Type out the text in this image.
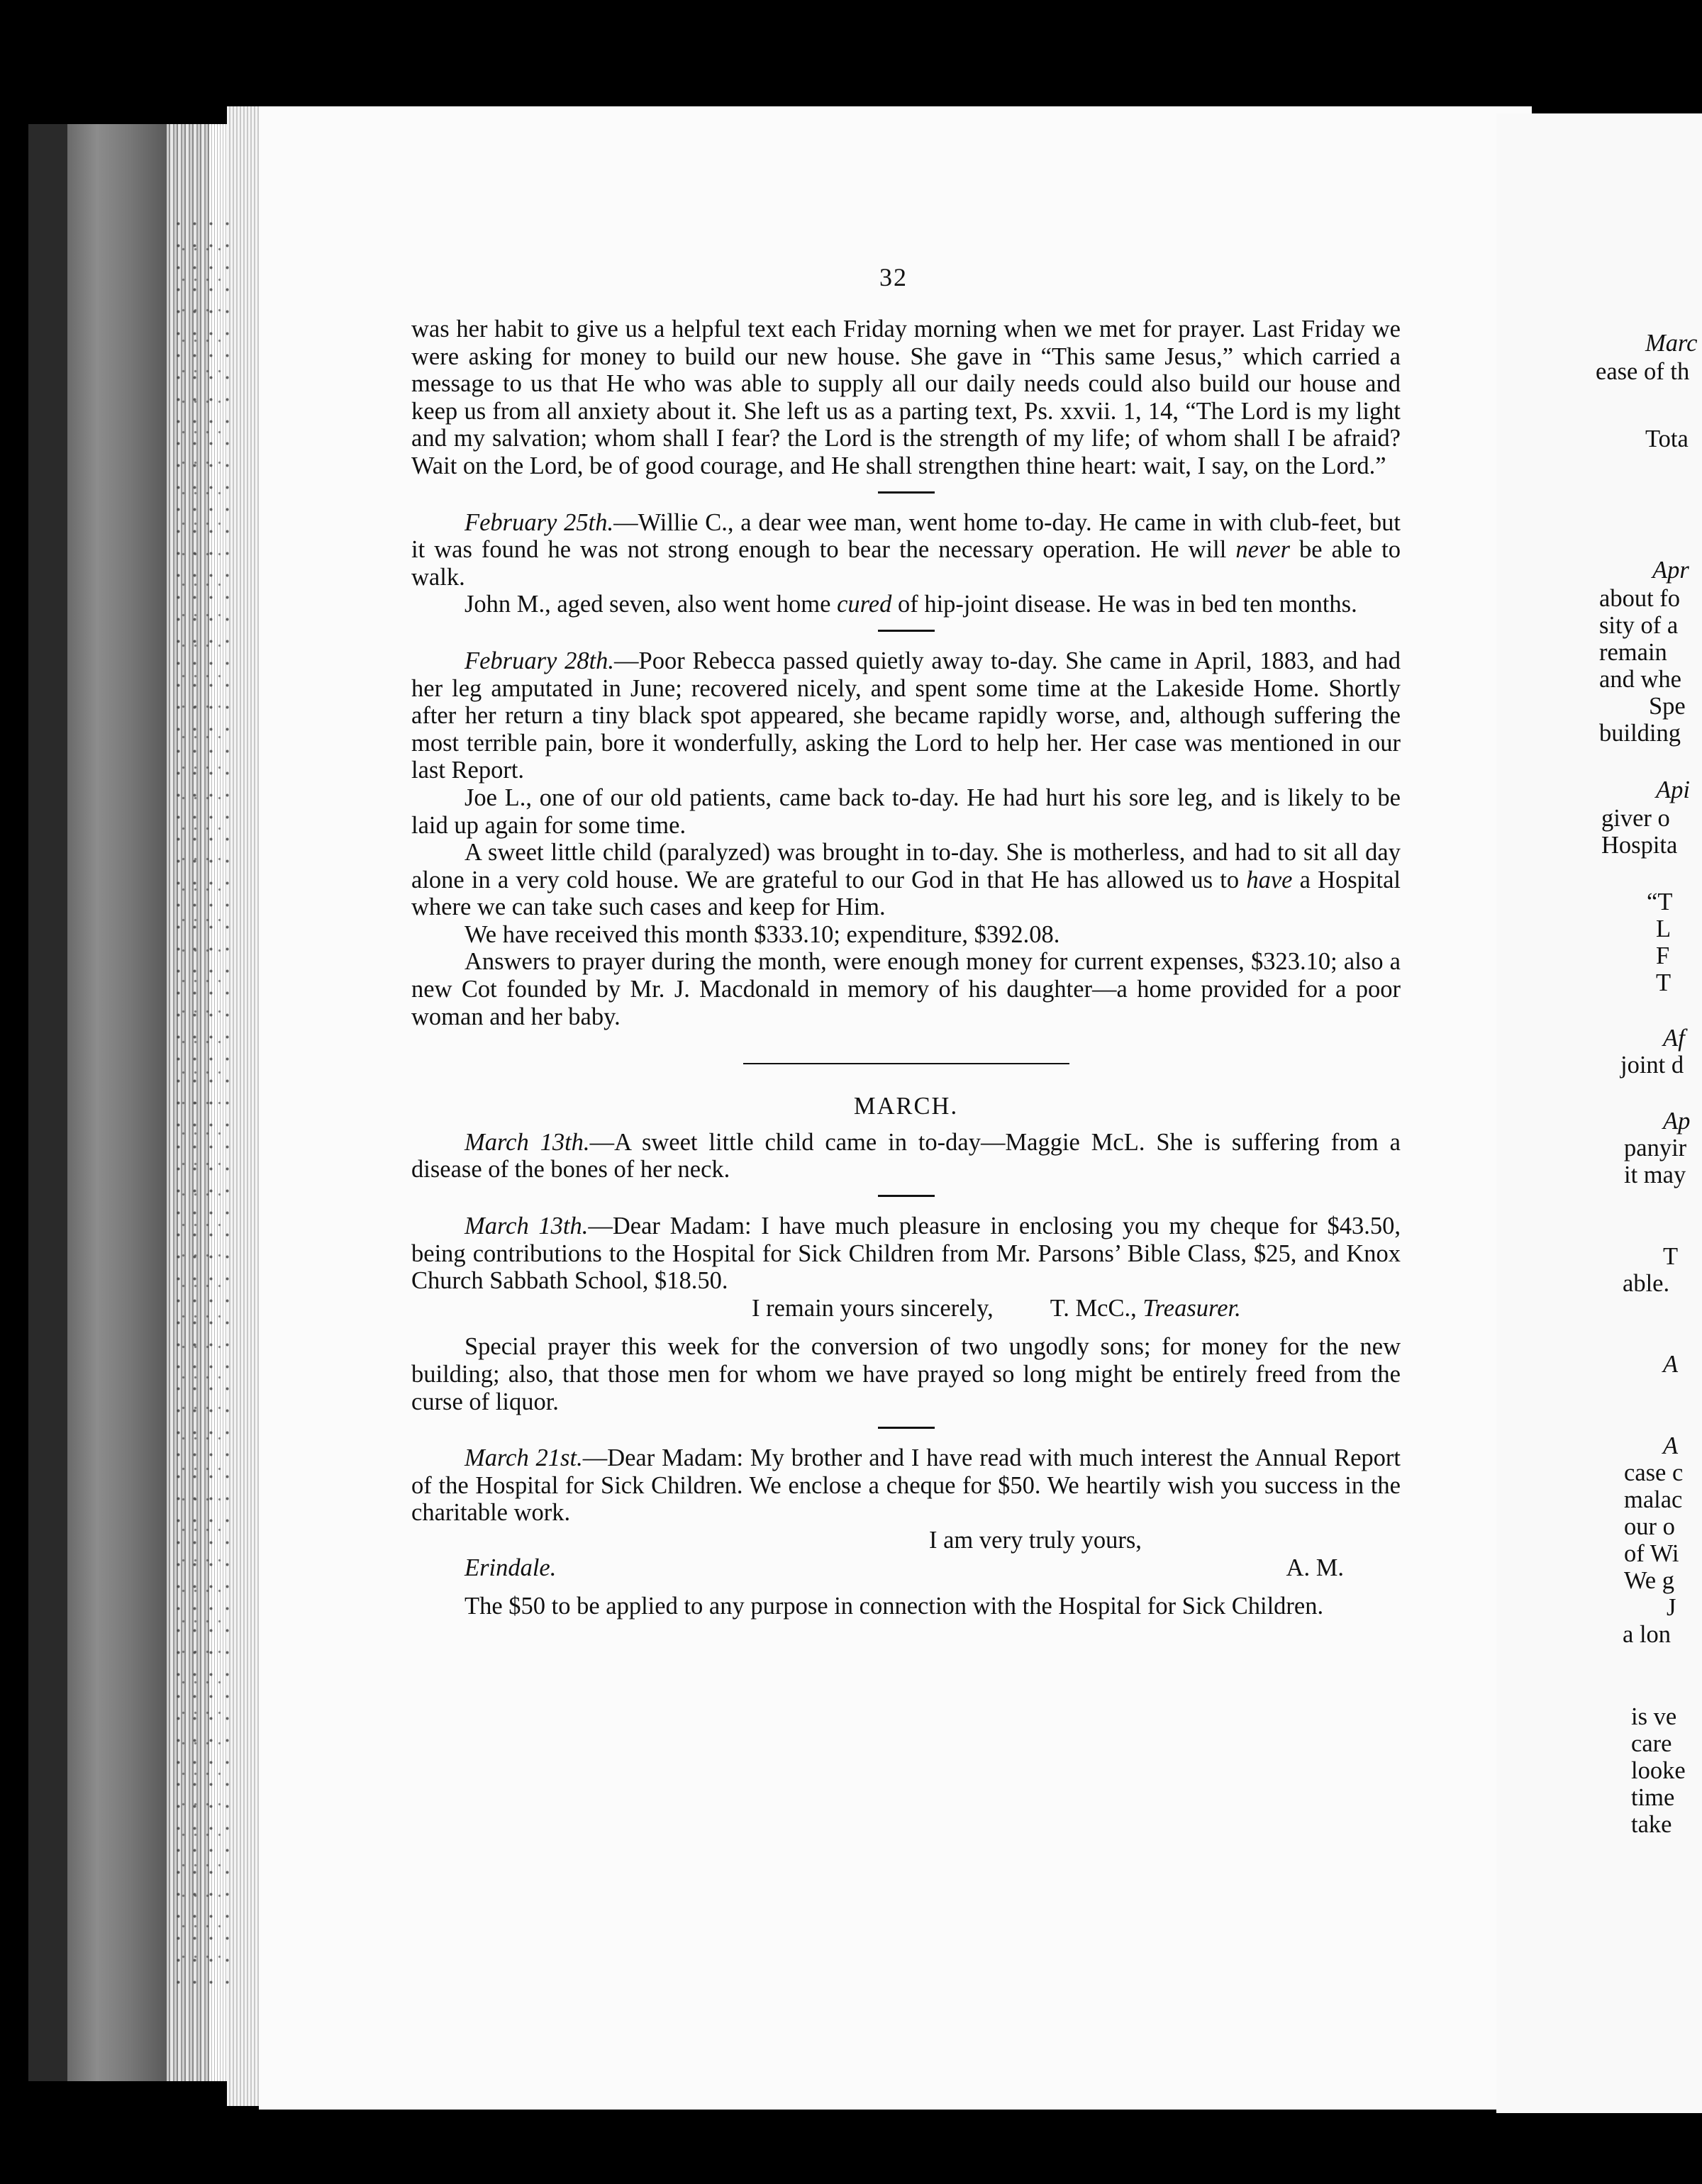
Marc
ease of th
Tota
Apr
about fo
sity of a
remain
and whe
Spe
building
Api
giver o
Hospita
“T
L
F
T
Af
joint d
Ap
panyir
it may
T
able.
A
A
case c
malac
our o
of Wi
We g
J
a lon
is ve
care
looke
time
take
32

was her habit to give us a helpful text each Friday morning when we met for prayer. Last Friday we were asking for money to build our new house. She gave in “This same Jesus,” which carried a message to us that He who was able to supply all our daily needs could also build our house and keep us from all anxiety about it. She left us as a parting text, Ps. xxvii. 1, 14, “The Lord is my light and my salvation; whom shall I fear? the Lord is the strength of my life; of whom shall I be afraid? Wait on the Lord, be of good courage, and He shall strengthen thine heart: wait, I say, on the Lord.”

February 25th.—Willie C., a dear wee man, went home to-day. He came in with club-feet, but it was found he was not strong enough to bear the necessary operation. He will never be able to walk.

John M., aged seven, also went home cured of hip-joint disease. He was in bed ten months.

February 28th.—Poor Rebecca passed quietly away to-day. She came in April, 1883, and had her leg amputated in June; recovered nicely, and spent some time at the Lakeside Home. Shortly after her return a tiny black spot appeared, she became rapidly worse, and, although suffering the most terrible pain, bore it wonderfully, asking the Lord to help her. Her case was mentioned in our last Report.

Joe L., one of our old patients, came back to-day. He had hurt his sore leg, and is likely to be laid up again for some time.

A sweet little child (paralyzed) was brought in to-day. She is motherless, and had to sit all day alone in a very cold house. We are grateful to our God in that He has allowed us to have a Hospital where we can take such cases and keep for Him.

We have received this month $333.10; expenditure, $392.08.

Answers to prayer during the month, were enough money for current expenses, $323.10; also a new Cot founded by Mr. J. Macdonald in memory of his daughter—a home provided for a poor woman and her baby.

MARCH.

March 13th.—A sweet little child came in to-day—Maggie McL. She is suffering from a disease of the bones of her neck.

March 13th.—Dear Madam: I have much pleasure in enclosing you my cheque for $43.50, being contributions to the Hospital for Sick Children from Mr. Parsons’ Bible Class, $25, and Knox Church Sabbath School, $18.50.

I remain yours sincerely, T. McC., Treasurer.

Special prayer this week for the conversion of two ungodly sons; for money for the new building; also, that those men for whom we have prayed so long might be entirely freed from the curse of liquor.

March 21st.—Dear Madam: My brother and I have read with much interest the Annual Report of the Hospital for Sick Children. We enclose a cheque for $50. We heartily wish you success in the charitable work.

I am very truly yours,

Erindale.	A. M.

The $50 to be applied to any purpose in connection with the Hospital for Sick Children.
